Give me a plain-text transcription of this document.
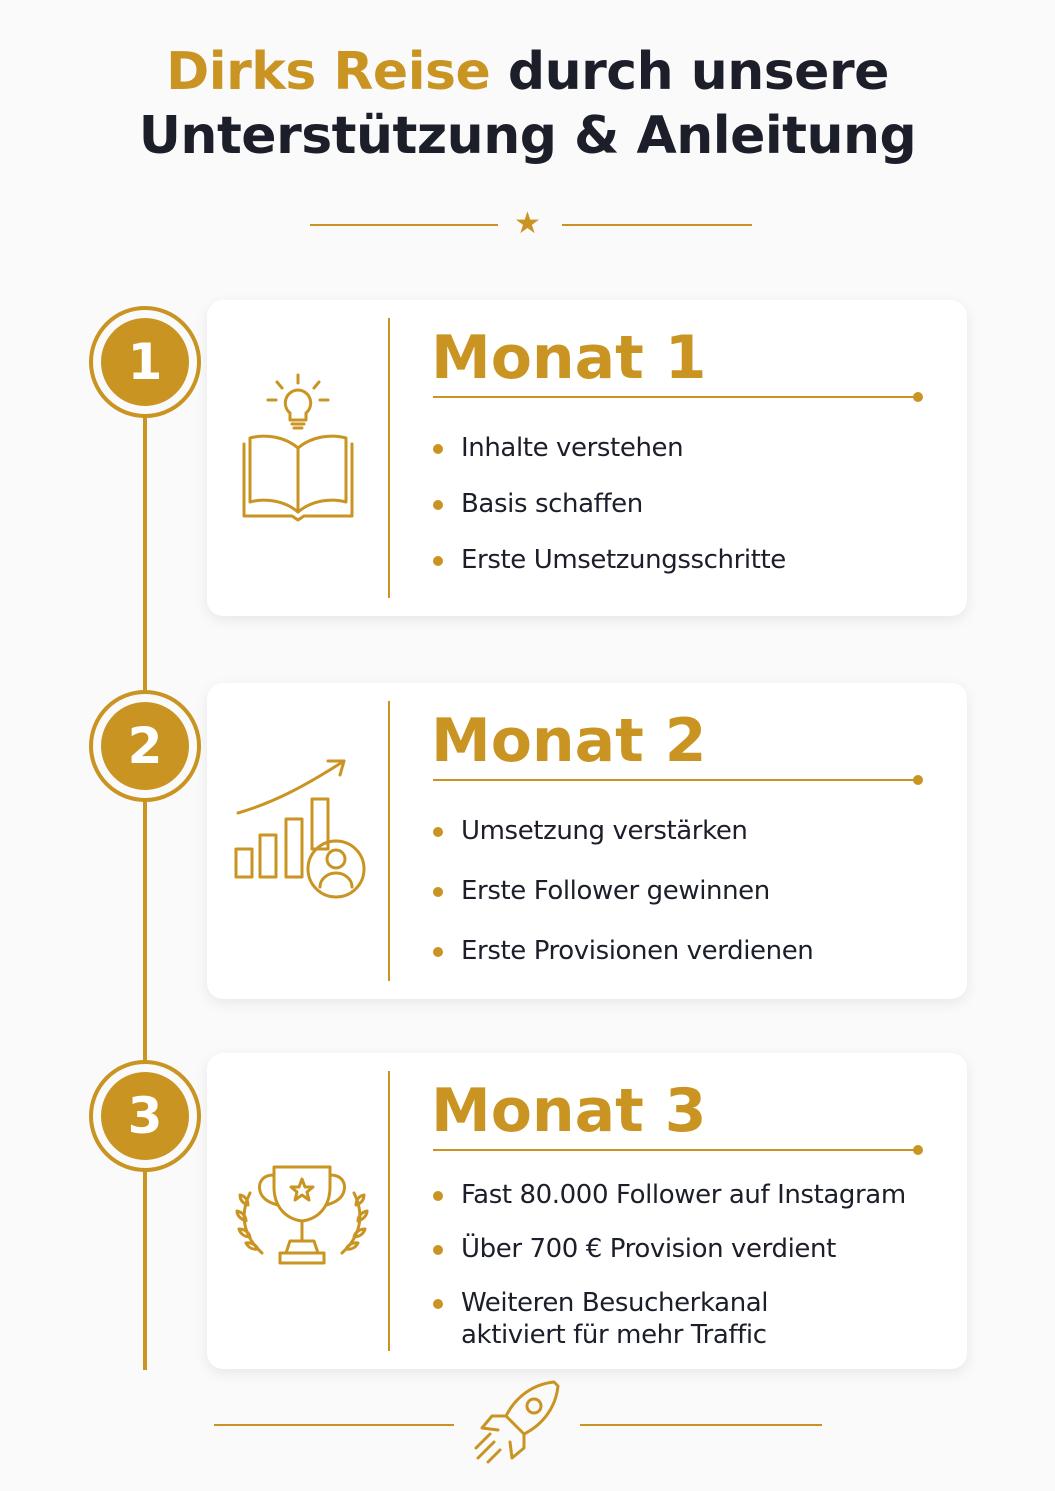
Dirks Reise durch unsere
Unterstützung & Anleitung
★
1
2
3
Monat 1
Inhalte verstehen
Basis schaffen
Erste Umsetzungsschritte
Monat 2
Umsetzung verstärken
Erste Follower gewinnen
Erste Provisionen verdienen
Monat 3
Fast 80.000 Follower auf Instagram
Über 700 € Provision verdient
Weiteren Besucherkanal aktiviert für mehr Traffic
